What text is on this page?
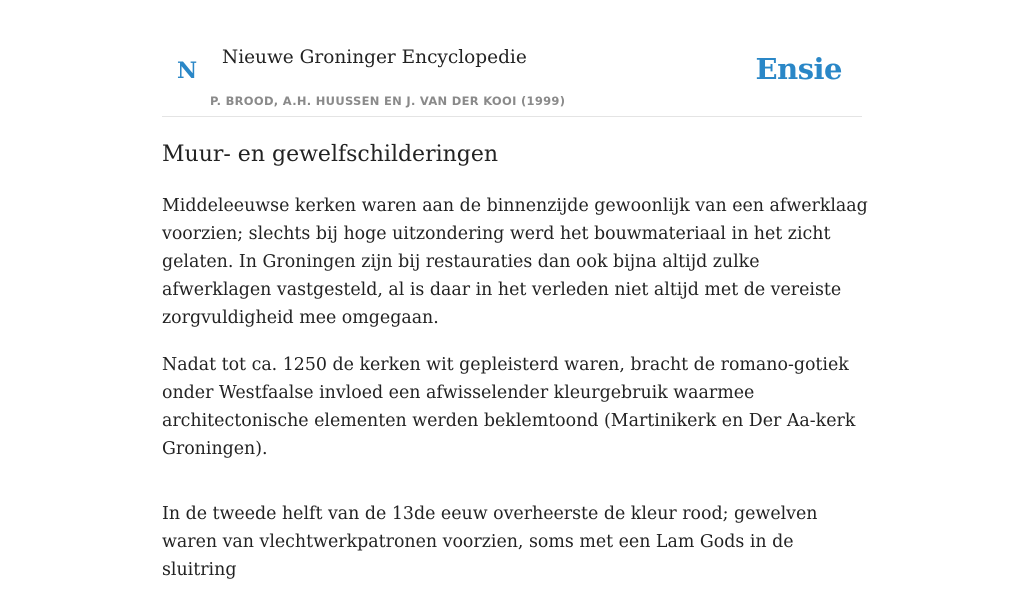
N
Nieuwe Groninger Encyclopedie
P. BROOD, A.H. HUUSSEN EN J. VAN DER KOOI (1999)
Ensie
Muur- en gewelfschilderingen

Middeleeuwse kerken waren aan de binnenzijde gewoonlijk van een afwerklaag voorzien; slechts bij hoge uitzondering werd het bouwmateriaal in het zicht gelaten. In Groningen zijn bij restauraties dan ook bijna altijd zulke afwerklagen vastgesteld, al is daar in het verleden niet altijd met de vereiste zorgvuldigheid mee omgegaan.

Nadat tot ca. 1250 de kerken wit gepleisterd waren, bracht de romano-gotiek onder Westfaalse invloed een afwisselender kleurgebruik waarmee architectonische elementen werden beklemtoond (Martinikerk en Der Aa-kerk Groningen).

In de tweede helft van de 13de eeuw overheerste de kleur rood; gewelven waren van vlechtwerkpatronen voorzien, soms met een Lam Gods in de sluitring
